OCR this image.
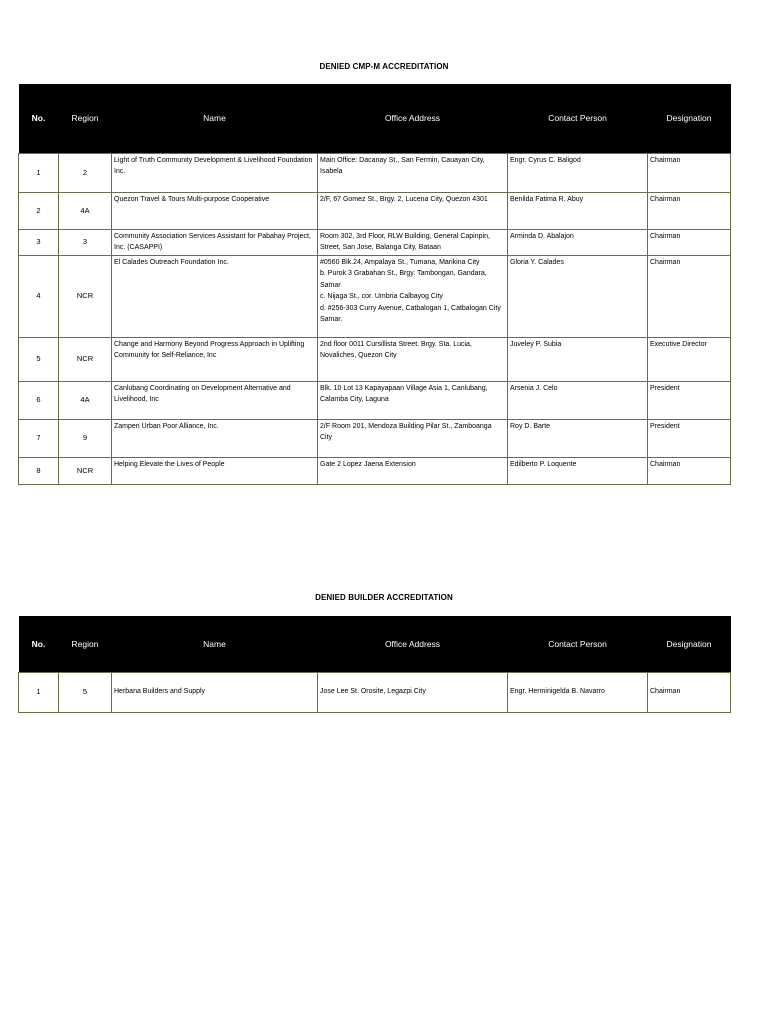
DENIED CMP-M ACCREDITATION
No.	Region	Name	Office Address	Contact Person	Designation
1	2	Light of Truth Community Development & Livelihood Foundation Inc.	Main Office: Dacanay St., San Fermin, Cauayan City, Isabela	Engr. Cyrus C. Baligod	Chairman
2	4A	Quezon Travel & Tours Multi-purpose Cooperative	2/F, 67 Gomez St., Brgy. 2, Lucena City, Quezon 4301	Benilda Fatima R. Abuy	Chairman
3	3	Community Association Services Assistant for Pabahay Project, Inc. (CASAPPI)	Room 302, 3rd Floor, RLW Building, General Capinpin, Street, San Jose, Balanga City, Bataan	Arminda D. Abalajon	Chairman
4	NCR	El Calades Outreach Foundation Inc.	#0560 Blk.24, Ampalaya St., Tumana, Marikina City
b. Purok 3 Grabahan St., Brgy. Tambongan, Gandara, Samar
c. Nijaga St., cor. Umbria Calbayog City
d. #256-303 Curry Avenue, Catbalogan 1, Catbalogan City Samar.	Gloria Y. Calades	Chairman
5	NCR	Change and Harmony Beyond Progress Approach in Uplifting Community for Self-Reliance, Inc	2nd floor 0011 Cursillista Street. Brgy. Sta. Lucia, Novaliches, Quezon City	Juveley P. Subia	Executive Director
6	4A	Canlubang Coordinating on Development Alternative and Livelihood, Inc	Blk. 10 Lot 13 Kapayapaan Village Asia 1, Canlubang, Calamba City, Laguna	Arsenia J. Celo	President
7	9	Zampen Urban Poor Alliance, Inc.	2/F Room 201, Mendoza Building Pilar St., Zamboanga City	Roy D. Barte	President
8	NCR	Helping Elevate the Lives of People	Gate 2 Lopez Jaena Extension	Edilberto P. Loquente	Chairman
DENIED BUILDER ACCREDITATION
No.	Region	Name	Office Address	Contact Person	Designation
1	5	Herbana Builders and Supply	Jose Lee St. Orosite, Legazpi City	Engr. Herminigelda B. Navarro	Chairman
